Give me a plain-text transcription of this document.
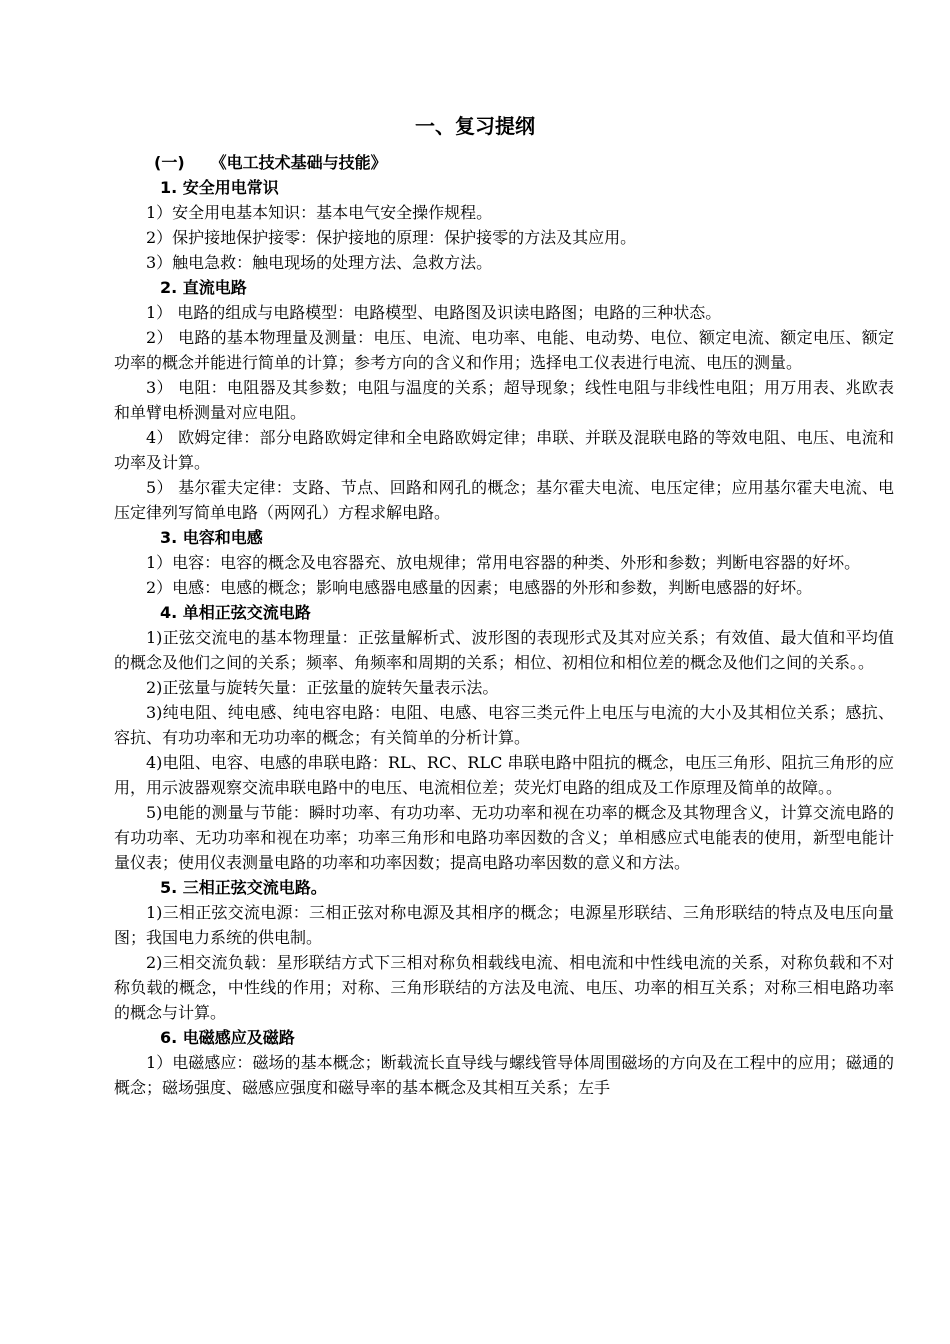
一、复习提纲
(一) 《电工技术基础与技能》
1. 安全用电常识
1）安全用电基本知识：基本电气安全操作规程。
2）保护接地保护接零：保护接地的原理：保护接零的方法及其应用。
3）触电急救：触电现场的处理方法、急救方法。
2. 直流电路
1） 电路的组成与电路模型：电路模型、电路图及识读电路图；电路的三种状态。
2） 电路的基本物理量及测量：电压、电流、电功率、电能、电动势、电位、额定电流、额定电压、额定功率的概念并能进行简单的计算；参考方向的含义和作用；选择电工仪表进行电流、电压的测量。
3） 电阻：电阻器及其参数；电阻与温度的关系；超导现象；线性电阻与非线性电阻；用万用表、兆欧表和单臂电桥测量对应电阻。
4） 欧姆定律：部分电路欧姆定律和全电路欧姆定律；串联、并联及混联电路的等效电阻、电压、电流和功率及计算。
5） 基尔霍夫定律：支路、节点、回路和网孔的概念；基尔霍夫电流、电压定律；应用基尔霍夫电流、电压定律列写简单电路（两网孔）方程求解电路。
3. 电容和电感
1）电容：电容的概念及电容器充、放电规律；常用电容器的种类、外形和参数；判断电容器的好坏。
2）电感：电感的概念；影响电感器电感量的因素；电感器的外形和参数，判断电感器的好坏。
4. 单相正弦交流电路
1)正弦交流电的基本物理量：正弦量解析式、波形图的表现形式及其对应关系；有效值、最大值和平均值的概念及他们之间的关系；频率、角频率和周期的关系；相位、初相位和相位差的概念及他们之间的关系。。
2)正弦量与旋转矢量：正弦量的旋转矢量表示法。
3)纯电阻、纯电感、纯电容电路：电阻、电感、电容三类元件上电压与电流的大小及其相位关系；感抗、容抗、有功功率和无功功率的概念；有关简单的分析计算。
4)电阻、电容、电感的串联电路：RL、RC、RLC 串联电路中阻抗的概念，电压三角形、阻抗三角形的应用，用示波器观察交流串联电路中的电压、电流相位差；荧光灯电路的组成及工作原理及简单的故障。。
5)电能的测量与节能：瞬时功率、有功功率、无功功率和视在功率的概念及其物理含义，计算交流电路的有功功率、无功功率和视在功率；功率三角形和电路功率因数的含义；单相感应式电能表的使用，新型电能计量仪表；使用仪表测量电路的功率和功率因数；提高电路功率因数的意义和方法。
5. 三相正弦交流电路。
1)三相正弦交流电源：三相正弦对称电源及其相序的概念；电源星形联结、三角形联结的特点及电压向量图；我国电力系统的供电制。
2)三相交流负载：星形联结方式下三相对称负相载线电流、相电流和中性线电流的关系，对称负载和不对称负载的概念，中性线的作用；对称、三角形联结的方法及电流、电压、功率的相互关系；对称三相电路功率的概念与计算。
6. 电磁感应及磁路
1）电磁感应：磁场的基本概念；断载流长直导线与螺线管导体周围磁场的方向及在工程中的应用；磁通的概念；磁场强度、磁感应强度和磁导率的基本概念及其相互关系；左手
